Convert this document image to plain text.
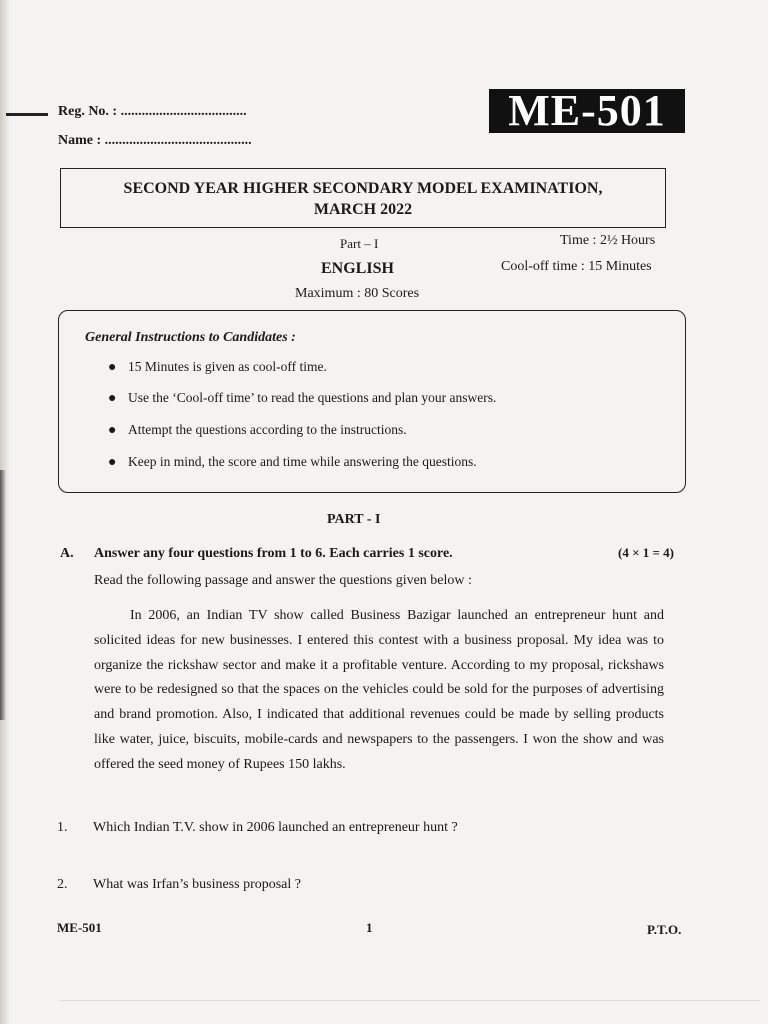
Reg. No. : ....................................
Name : ..........................................
ME-501
SECOND YEAR HIGHER SECONDARY MODEL EXAMINATION,
MARCH 2022
Part – I	Time : 2½ Hours
ENGLISH	Cool-off time : 15 Minutes
Maximum : 80 Scores
General Instructions to Candidates :
● 15 Minutes is given as cool-off time.
● Use the ‘Cool-off time’ to read the questions and plan your answers.
● Attempt the questions according to the instructions.
● Keep in mind, the score and time while answering the questions.
PART - I
A. Answer any four questions from 1 to 6. Each carries 1 score.	(4 × 1 = 4)
Read the following passage and answer the questions given below :
In 2006, an Indian TV show called Business Bazigar launched an entrepreneur hunt and solicited ideas for new businesses. I entered this contest with a business proposal. My idea was to organize the rickshaw sector and make it a profitable venture. According to my proposal, rickshaws were to be redesigned so that the spaces on the vehicles could be sold for the purposes of advertising and brand promotion. Also, I indicated that additional revenues could be made by selling products like water, juice, biscuits, mobile-cards and newspapers to the passengers. I won the show and was offered the seed money of Rupees 150 lakhs.
1. Which Indian T.V. show in 2006 launched an entrepreneur hunt ?
2. What was Irfan’s business proposal ?
ME-501	1	P.T.O.
